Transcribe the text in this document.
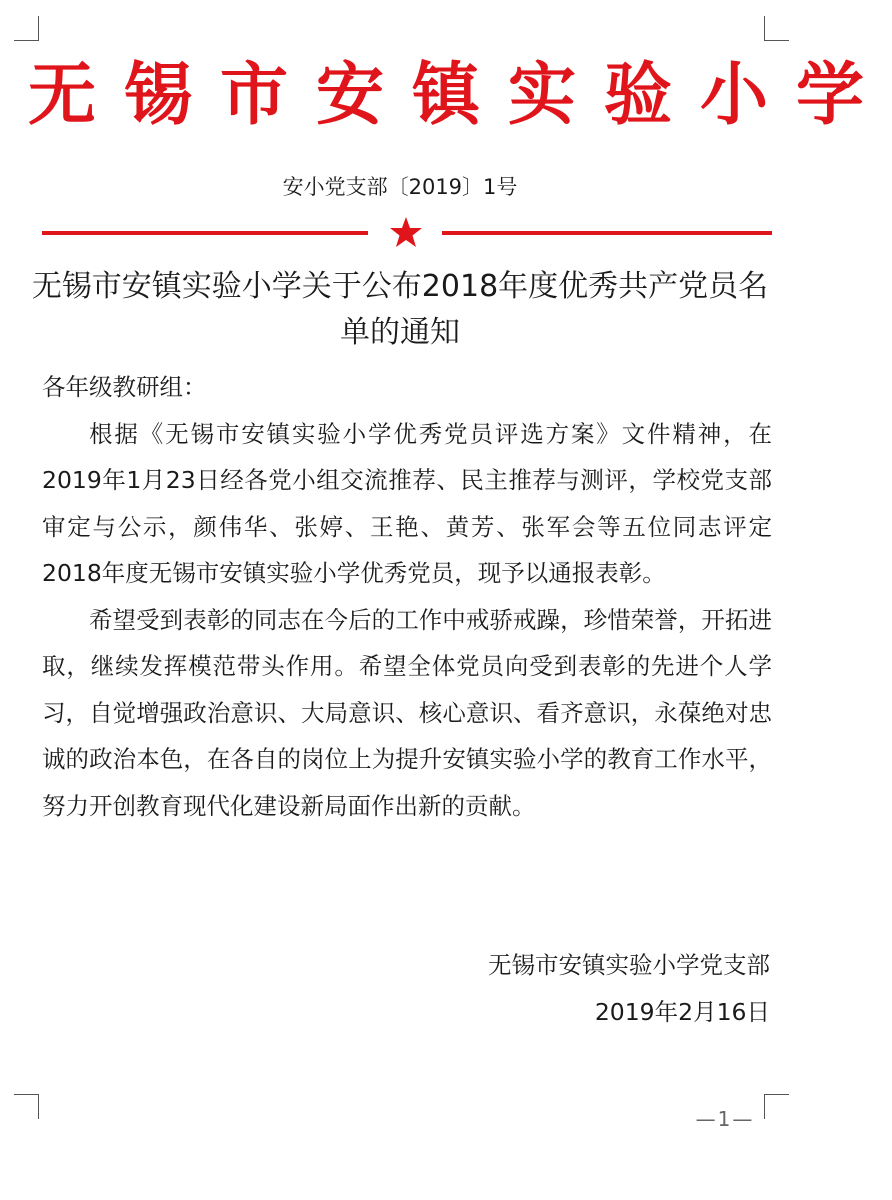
无锡市安镇实验小学
安小党支部〔2019〕1号
无锡市安镇实验小学关于公布2018年度优秀共产党员名单的通知

各年级教研组：

根据《无锡市安镇实验小学优秀党员评选方案》文件精神，在2019年1月23日经各党小组交流推荐、民主推荐与测评，学校党支部审定与公示，颜伟华、张婷、王艳、黄芳、张军会等五位同志评定2018年度无锡市安镇实验小学优秀党员，现予以通报表彰。

希望受到表彰的同志在今后的工作中戒骄戒躁，珍惜荣誉，开拓进取，继续发挥模范带头作用。希望全体党员向受到表彰的先进个人学习，自觉增强政治意识、大局意识、核心意识、看齐意识，永葆绝对忠诚的政治本色，在各自的岗位上为提升安镇实验小学的教育工作水平，努力开创教育现代化建设新局面作出新的贡献。

无锡市安镇实验小学党支部
2019年2月16日
—1—
